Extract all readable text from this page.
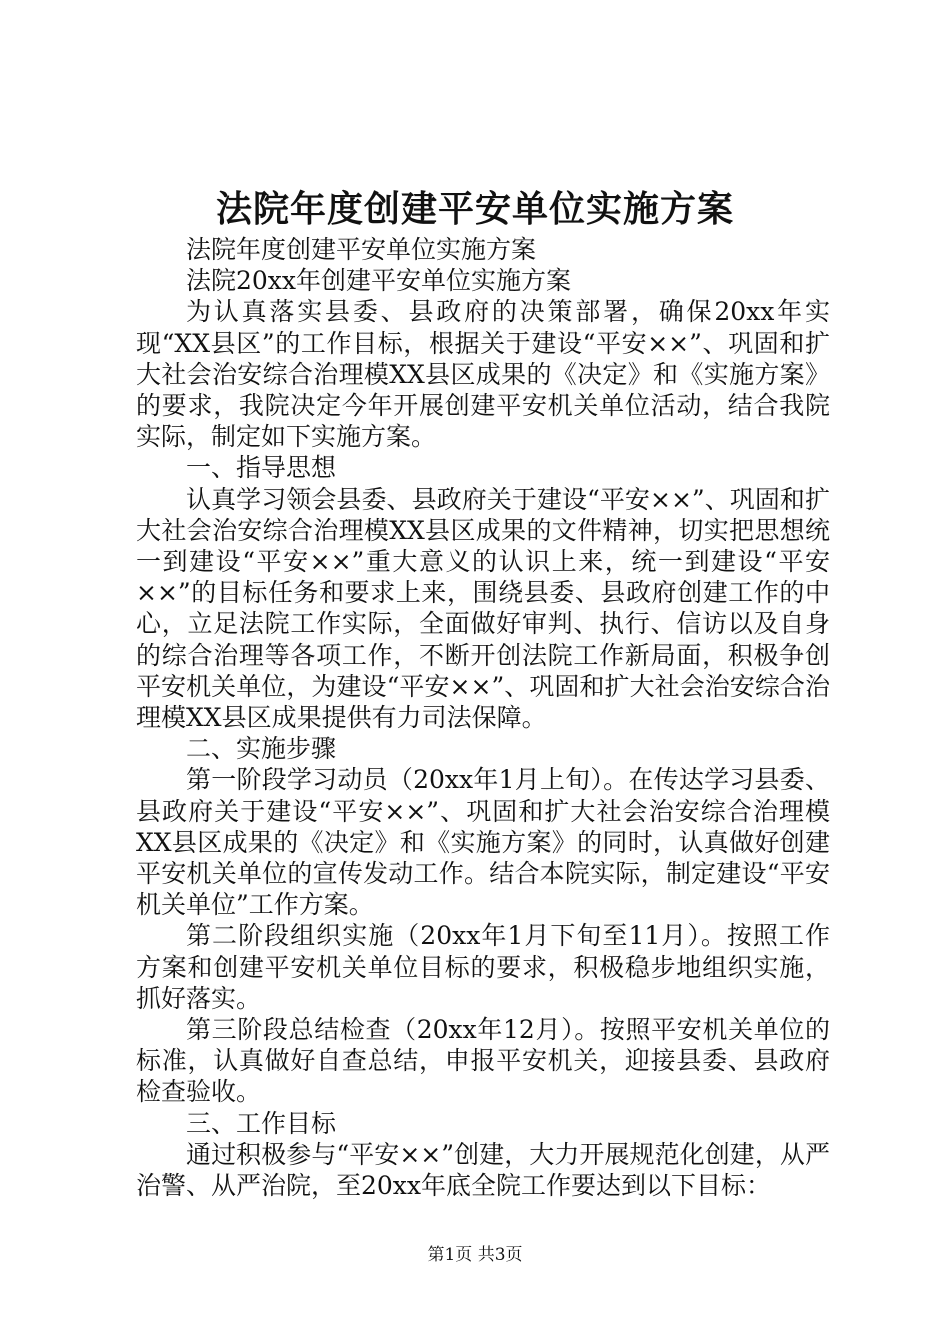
法院年度创建平安单位实施方案

法院年度创建平安单位实施方案

法院20xx年创建平安单位实施方案

为认真落实县委、县政府的决策部署，确保20xx年实现“XX县区”的工作目标，根据关于建设“平安××”、巩固和扩大社会治安综合治理模XX县区成果的《决定》和《实施方案》的要求，我院决定今年开展创建平安机关单位活动，结合我院实际，制定如下实施方案。

一、指导思想

认真学习领会县委、县政府关于建设“平安××”、巩固和扩大社会治安综合治理模XX县区成果的文件精神，切实把思想统一到建设“平安××”重大意义的认识上来，统一到建设“平安××”的目标任务和要求上来，围绕县委、县政府创建工作的中心，立足法院工作实际，全面做好审判、执行、信访以及自身的综合治理等各项工作，不断开创法院工作新局面，积极争创平安机关单位，为建设“平安××”、巩固和扩大社会治安综合治理模XX县区成果提供有力司法保障。

二、实施步骤

第一阶段学习动员（20xx年1月上旬）。在传达学习县委、县政府关于建设“平安××”、巩固和扩大社会治安综合治理模XX县区成果的《决定》和《实施方案》的同时，认真做好创建平安机关单位的宣传发动工作。结合本院实际，制定建设“平安机关单位”工作方案。

第二阶段组织实施（20xx年1月下旬至11月）。按照工作方案和创建平安机关单位目标的要求，积极稳步地组织实施，抓好落实。

第三阶段总结检查（20xx年12月）。按照平安机关单位的标准，认真做好自查总结，申报平安机关，迎接县委、县政府检查验收。

三、工作目标

通过积极参与“平安××”创建，大力开展规范化创建，从严治警、从严治院，至20xx年底全院工作要达到以下目标：

第1页 共3页
